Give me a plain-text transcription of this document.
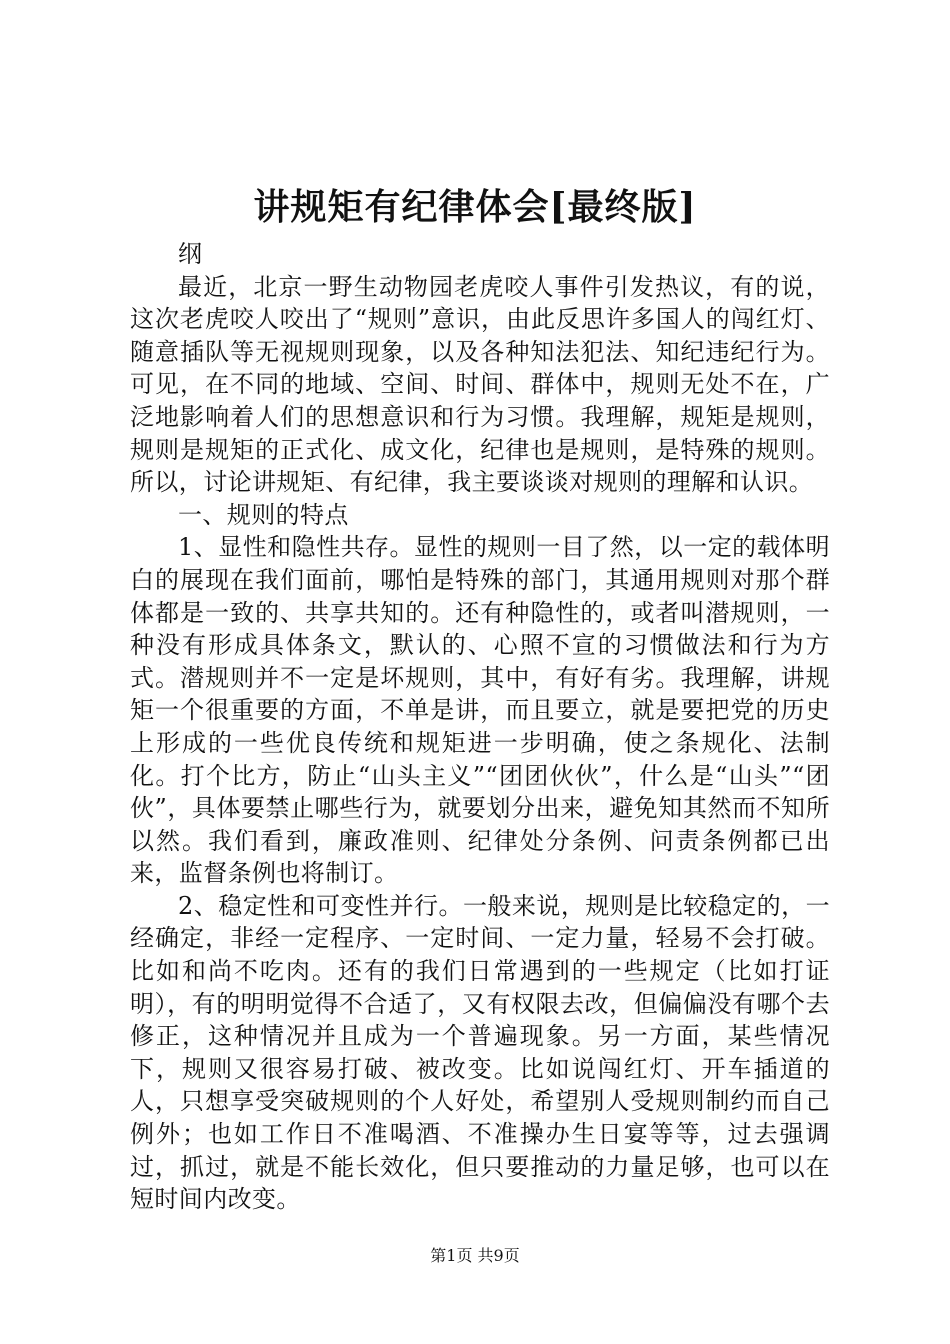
讲规矩有纪律体会[最终版]

纲

最近，北京一野生动物园老虎咬人事件引发热议，有的说，这次老虎咬人咬出了“规则”意识，由此反思许多国人的闯红灯、随意插队等无视规则现象，以及各种知法犯法、知纪违纪行为。可见，在不同的地域、空间、时间、群体中，规则无处不在，广泛地影响着人们的思想意识和行为习惯。我理解，规矩是规则，规则是规矩的正式化、成文化，纪律也是规则，是特殊的规则。所以，讨论讲规矩、有纪律，我主要谈谈对规则的理解和认识。

一、规则的特点

1、显性和隐性共存。显性的规则一目了然，以一定的载体明白的展现在我们面前，哪怕是特殊的部门，其通用规则对那个群体都是一致的、共享共知的。还有种隐性的，或者叫潜规则，一种没有形成具体条文，默认的、心照不宣的习惯做法和行为方式。潜规则并不一定是坏规则，其中，有好有劣。我理解，讲规矩一个很重要的方面，不单是讲，而且要立，就是要把党的历史上形成的一些优良传统和规矩进一步明确，使之条规化、法制化。打个比方，防止“山头主义”“团团伙伙”，什么是“山头”“团伙”，具体要禁止哪些行为，就要划分出来，避免知其然而不知所以然。我们看到，廉政准则、纪律处分条例、问责条例都已出来，监督条例也将制订。

2、稳定性和可变性并行。一般来说，规则是比较稳定的，一经确定，非经一定程序、一定时间、一定力量，轻易不会打破。比如和尚不吃肉。还有的我们日常遇到的一些规定（比如打证明），有的明明觉得不合适了，又有权限去改，但偏偏没有哪个去修正，这种情况并且成为一个普遍现象。另一方面，某些情况下，规则又很容易打破、被改变。比如说闯红灯、开车插道的人，只想享受突破规则的个人好处，希望别人受规则制约而自己例外；也如工作日不准喝酒、不准操办生日宴等等，过去强调过，抓过，就是不能长效化，但只要推动的力量足够，也可以在短时间内改变。

第1页 共9页
